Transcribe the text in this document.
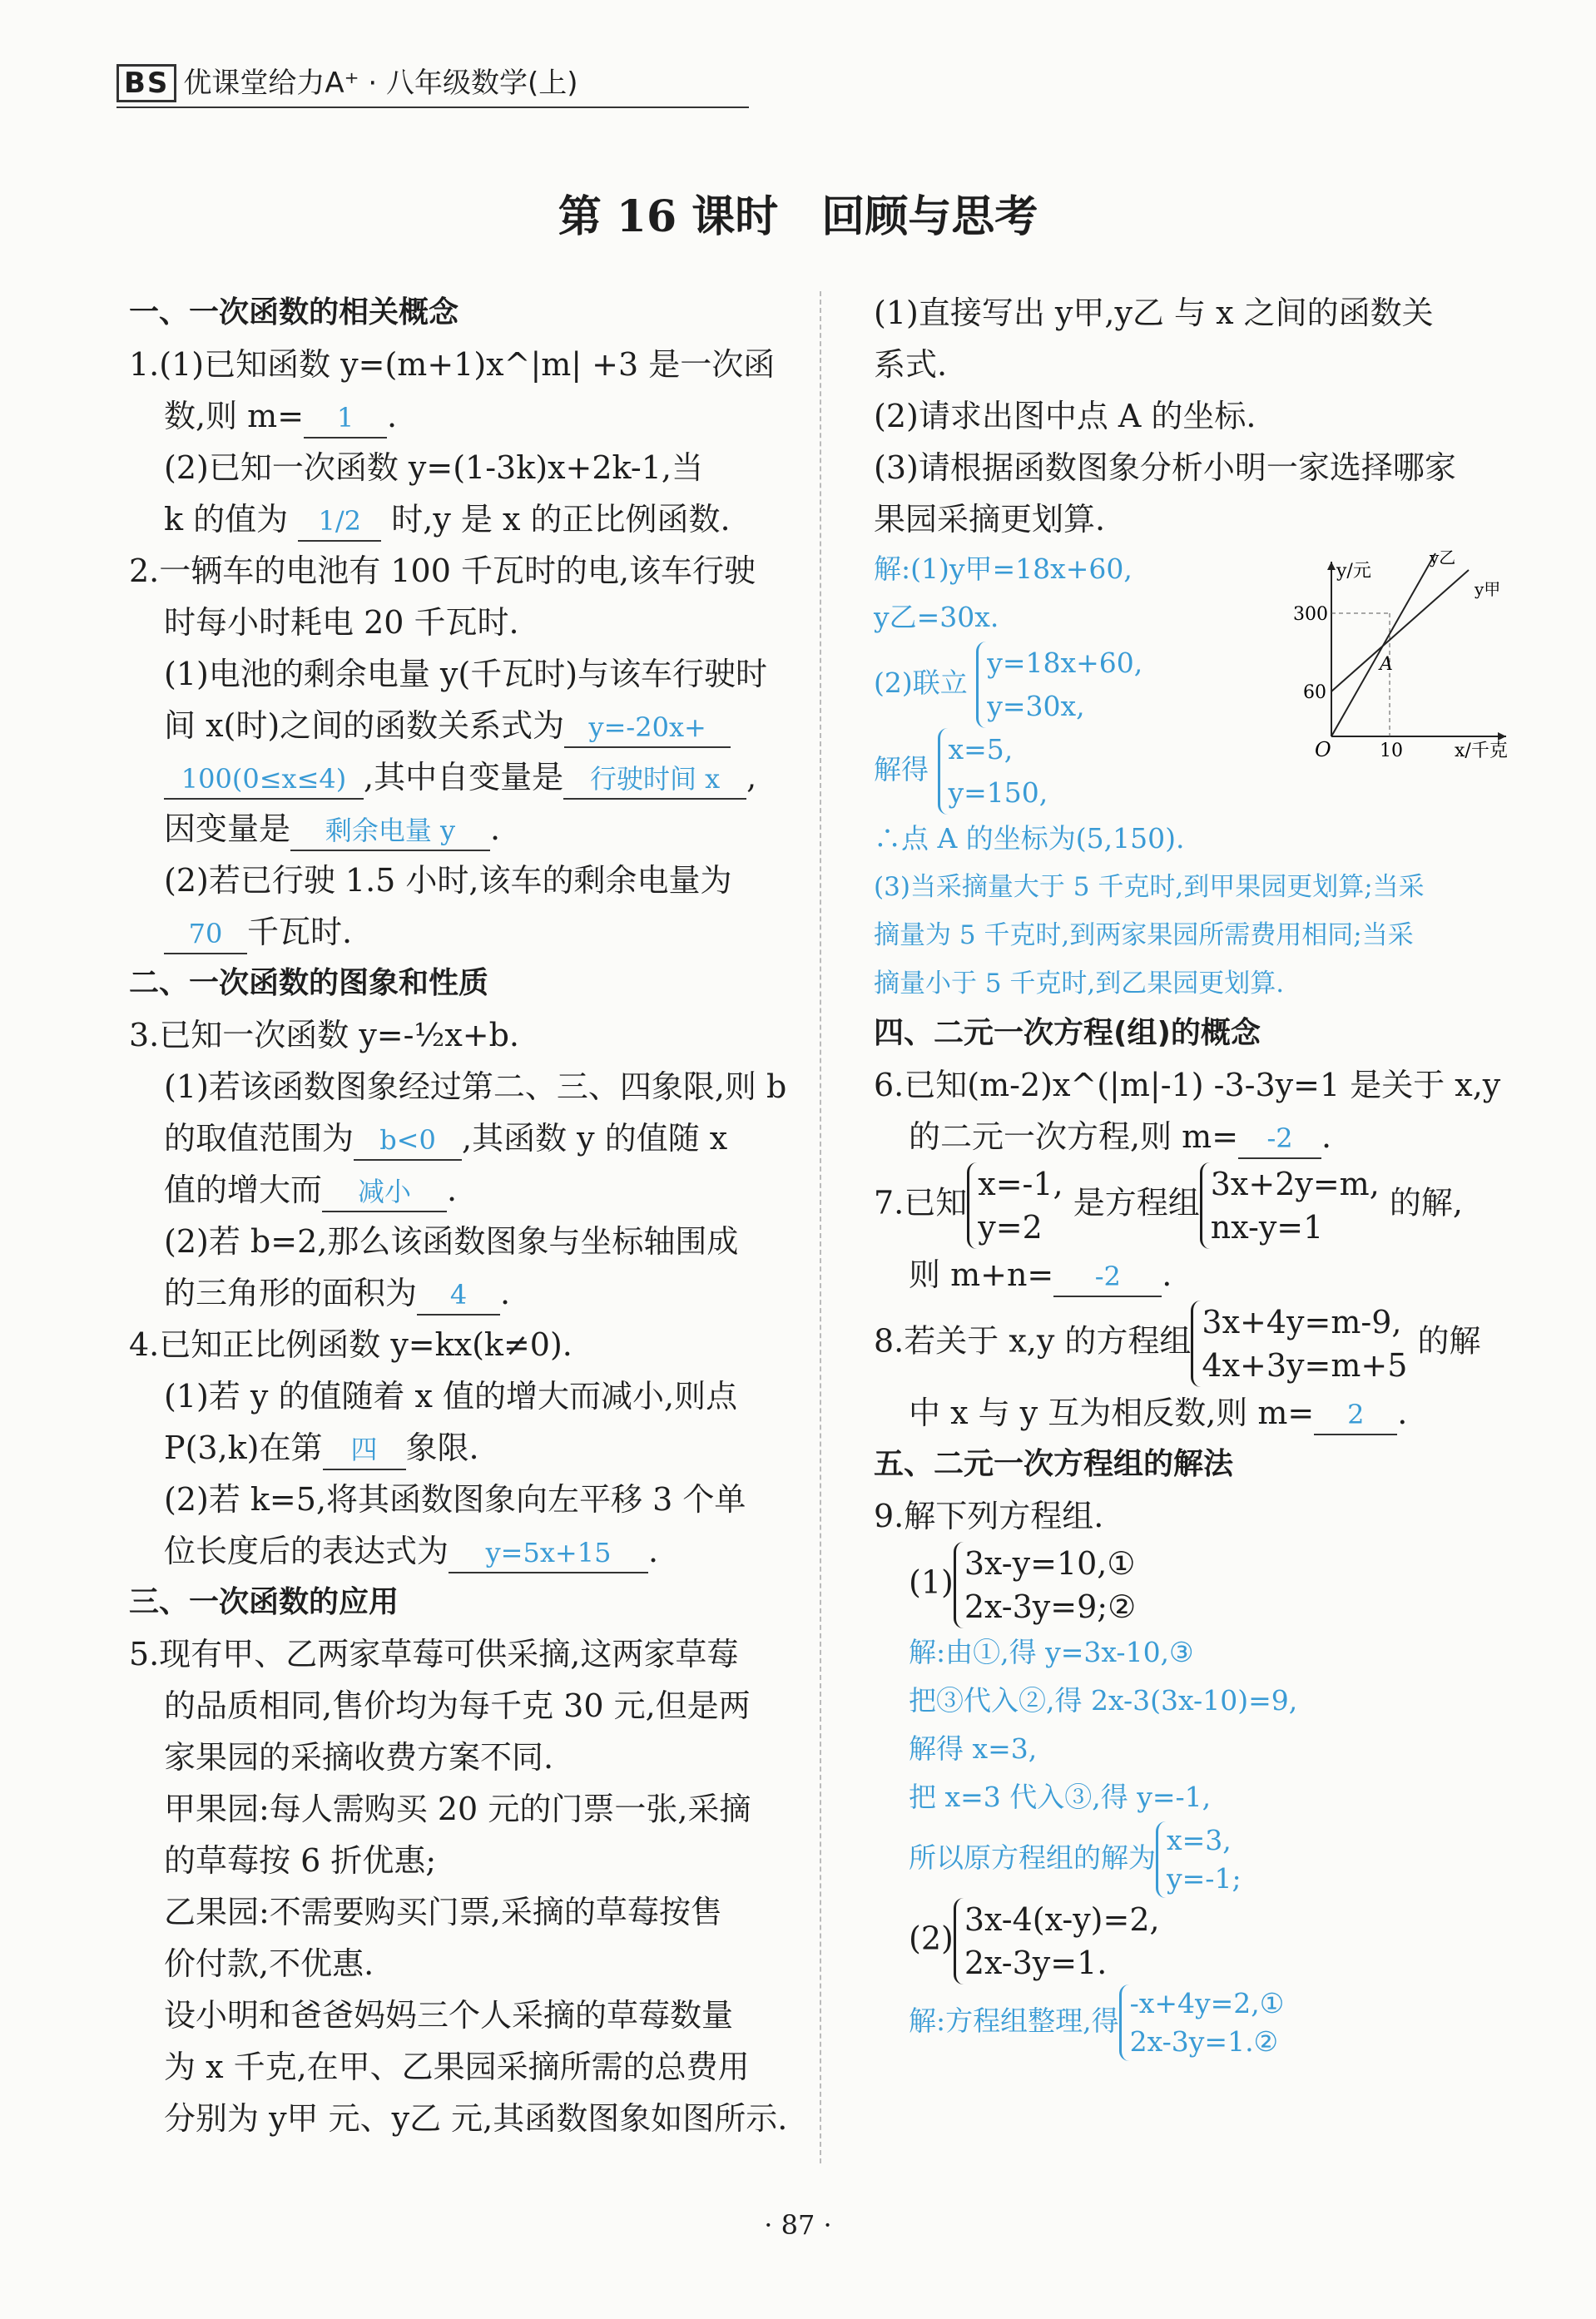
BS 优课堂给力A⁺ · 八年级数学(上)
第 16 课时　回顾与思考

一、一次函数的相关概念

1.(1)已知函数 y=(m+1)x^|m| +3 是一次函

数,则 m= 1 .

(2)已知一次函数 y=(1-3k)x+2k-1,当

k 的值为 1/2 时,y 是 x 的正比例函数.

2.一辆车的电池有 100 千瓦时的电,该车行驶

时每小时耗电 20 千瓦时.

(1)电池的剩余电量 y(千瓦时)与该车行驶时

间 x(时)之间的函数关系式为 y=-20x+

100(0≤x≤4) ,其中自变量是 行驶时间 x ,

因变量是 剩余电量 y .

(2)若已行驶 1.5 小时,该车的剩余电量为

70 千瓦时.

二、一次函数的图象和性质

3.已知一次函数 y=-½x+b.

(1)若该函数图象经过第二、三、四象限,则 b

的取值范围为 b<0 ,其函数 y 的值随 x

值的增大而 减小 .

(2)若 b=2,那么该函数图象与坐标轴围成

的三角形的面积为 4 .

4.已知正比例函数 y=kx(k≠0).

(1)若 y 的值随着 x 值的增大而减小,则点

P(3,k)在第 四 象限.

(2)若 k=5,将其函数图象向左平移 3 个单

位长度后的表达式为 y=5x+15 .

三、一次函数的应用

5.现有甲、乙两家草莓可供采摘,这两家草莓

的品质相同,售价均为每千克 30 元,但是两

家果园的采摘收费方案不同.

甲果园:每人需购买 20 元的门票一张,采摘

的草莓按 6 折优惠;

乙果园:不需要购买门票,采摘的草莓按售

价付款,不优惠.

设小明和爸爸妈妈三个人采摘的草莓数量

为 x 千克,在甲、乙果园采摘所需的总费用

分别为 y甲 元、y乙 元,其函数图象如图所示.

(1)直接写出 y甲,y乙 与 x 之间的函数关

系式.

(2)请求出图中点 A 的坐标.

(3)请根据函数图象分析小明一家选择哪家

果园采摘更划算.

解:(1)y甲=18x+60,

y乙=30x.

(2)联立 y=18x+60,
y=30x,

解得 x=5,
y=150,

∴点 A 的坐标为(5,150).

(3)当采摘量大于 5 千克时,到甲果园更划算;当采

摘量为 5 千克时,到两家果园所需费用相同;当采

摘量小于 5 千克时,到乙果园更划算.

四、二元一次方程(组)的概念

6.已知(m-2)x^(|m|-1) -3-3y=1 是关于 x,y

的二元一次方程,则 m= -2 .

7.已知x=-1,
y=2 是方程组3x+2y=m,
nx-y=1 的解,

则 m+n= -2 .

8.若关于 x,y 的方程组3x+4y=m-9,
4x+3y=m+5 的解

中 x 与 y 互为相反数,则 m= 2 .

五、二元一次方程组的解法

9.解下列方程组.

(1)3x-y=10,①
2x-3y=9;②

解:由①,得 y=3x-10,③

把③代入②,得 2x-3(3x-10)=9,

解得 x=3,

把 x=3 代入③,得 y=-1,

所以原方程组的解为x=3,
y=-1;

(2)3x-4(x-y)=2,
2x-3y=1.

解:方程组整理,得-x+4y=2,①
2x-3y=1.②

y/元
x/千克
300
60
10
O
A
y乙
y甲
· 87 ·
